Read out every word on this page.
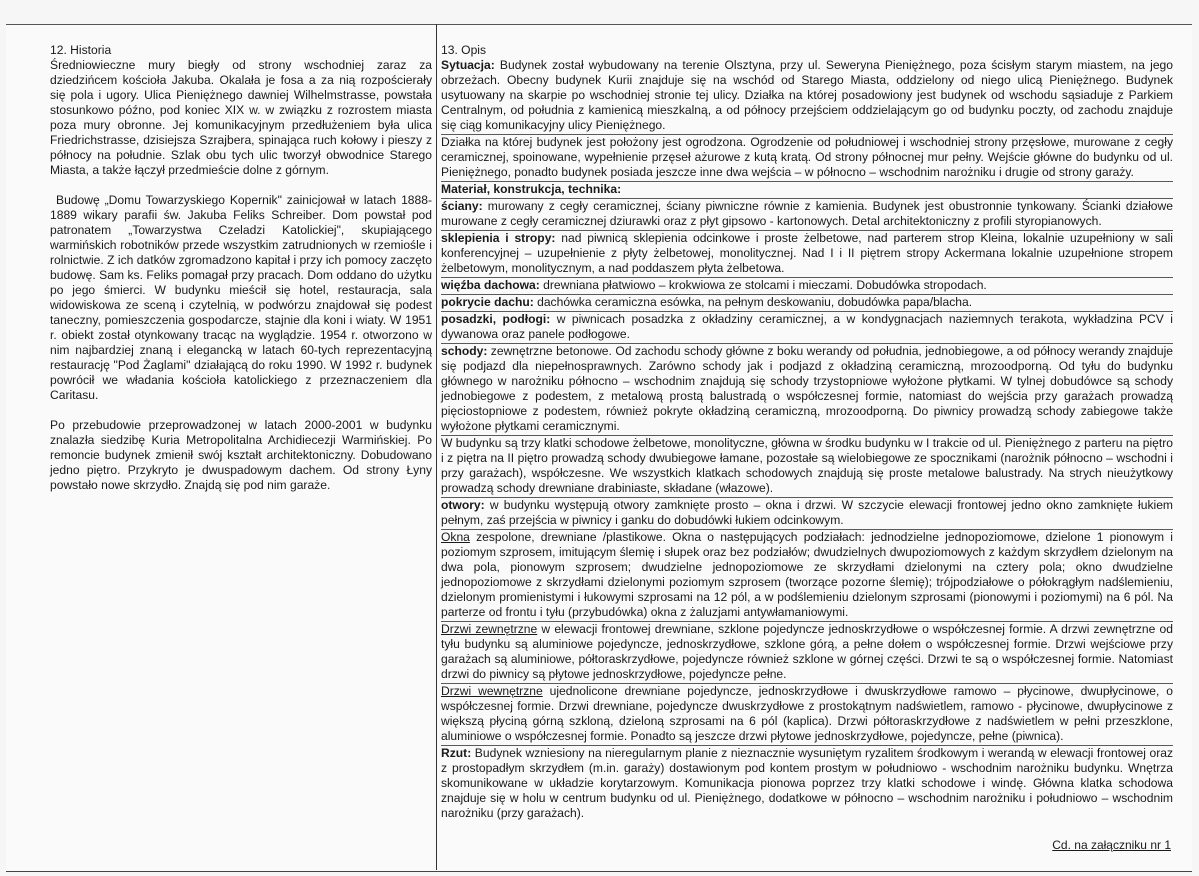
12. Historia

Średniowieczne mury biegły od strony wschodniej zaraz za dziedzińcem kościoła Jakuba. Okalała je fosa a za nią rozpościerały się pola i ugory. Ulica Pieniężnego dawniej Wilhelmstrasse, powstała stosunkowo późno, pod koniec XIX w. w związku z rozrostem miasta poza mury obronne. Jej komunikacyjnym przedłużeniem była ulica Friedrichstrasse, dzisiejsza Szrajbera, spinająca ruch kołowy i pieszy z północy na południe. Szlak obu tych ulic tworzył obwodnice Starego Miasta, a także łączył przedmieście dolne z górnym.

Budowę „Domu Towarzyskiego Kopernik" zainicjował w latach 1888-1889 wikary parafii św. Jakuba Feliks Schreiber. Dom powstał pod patronatem „Towarzystwa Czeladzi Katolickiej", skupiającego warmińskich robotników przede wszystkim zatrudnionych w rzemiośle i rolnictwie. Z ich datków zgromadzono kapitał i przy ich pomocy zaczęto budowę. Sam ks. Feliks pomagał przy pracach. Dom oddano do użytku po jego śmierci. W budynku mieścił się hotel, restauracja, sala widowiskowa ze sceną i czytelnią, w podwórzu znajdował się podest taneczny, pomieszczenia gospodarcze, stajnie dla koni i wiaty. W 1951 r. obiekt został otynkowany tracąc na wyglądzie. 1954 r. otworzono w nim najbardziej znaną i elegancką w latach 60-tych reprezentacyjną restaurację "Pod Żaglami" działającą do roku 1990. W 1992 r. budynek powrócił we władania kościoła katolickiego z przeznaczeniem dla Caritasu.

Po przebudowie przeprowadzonej w latach 2000-2001 w budynku znalazła siedzibę Kuria Metropolitalna Archidiecezji Warmińskiej. Po remoncie budynek zmienił swój kształt architektoniczny. Dobudowano jedno piętro. Przykryto je dwuspadowym dachem. Od strony Łyny powstało nowe skrzydło. Znajdą się pod nim garaże.

13. Opis

Sytuacja: Budynek został wybudowany na terenie Olsztyna, przy ul. Seweryna Pieniężnego, poza ścisłym starym miastem, na jego obrzeżach. Obecny budynek Kurii znajduje się na wschód od Starego Miasta, oddzielony od niego ulicą Pieniężnego. Budynek usytuowany na skarpie po wschodniej stronie tej ulicy. Działka na której posadowiony jest budynek od wschodu sąsiaduje z Parkiem Centralnym, od południa z kamienicą mieszkalną, a od północy przejściem oddzielającym go od budynku poczty, od zachodu znajduje się ciąg komunikacyjny ulicy Pieniężnego.

Działka na której budynek jest położony jest ogrodzona. Ogrodzenie od południowej i wschodniej strony przęsłowe, murowane z cegły ceramicznej, spoinowane, wypełnienie przęseł ażurowe z kutą kratą. Od strony północnej mur pełny. Wejście główne do budynku od ul. Pieniężnego, ponadto budynek posiada jeszcze inne dwa wejścia – w północno – wschodnim narożniku i drugie od strony garaży.

Materiał, konstrukcja, technika:

ściany: murowany z cegły ceramicznej, ściany piwniczne równie z kamienia. Budynek jest obustronnie tynkowany. Ścianki działowe murowane z cegły ceramicznej dziurawki oraz z płyt gipsowo - kartonowych. Detal architektoniczny z profili styropianowych.

sklepienia i stropy: nad piwnicą sklepienia odcinkowe i proste żelbetowe, nad parterem strop Kleina, lokalnie uzupełniony w sali konferencyjnej – uzupełnienie z płyty żelbetowej, monolitycznej. Nad I i II piętrem stropy Ackermana lokalnie uzupełnione stropem żelbetowym, monolitycznym, a nad poddaszem płyta żelbetowa.

więźba dachowa: drewniana płatwiowo – krokwiowa ze stolcami i mieczami. Dobudówka stropodach.

pokrycie dachu: dachówka ceramiczna esówka, na pełnym deskowaniu, dobudówka papa/blacha.

posadzki, podłogi: w piwnicach posadzka z okładziny ceramicznej, a w kondygnacjach naziemnych terakota, wykładzina PCV i dywanowa oraz panele podłogowe.

schody: zewnętrzne betonowe. Od zachodu schody główne z boku werandy od południa, jednobiegowe, a od północy werandy znajduje się podjazd dla niepełnosprawnych. Zarówno schody jak i podjazd z okładziną ceramiczną, mrozoodporną. Od tyłu do budynku głównego w narożniku północno – wschodnim znajdują się schody trzystopniowe wyłożone płytkami. W tylnej dobudówce są schody jednobiegowe z podestem, z metalową prostą balustradą o współczesnej formie, natomiast do wejścia przy garażach prowadzą pięciostopniowe z podestem, również pokryte okładziną ceramiczną, mrozoodporną. Do piwnicy prowadzą schody zabiegowe także wyłożone płytkami ceramicznymi.

W budynku są trzy klatki schodowe żelbetowe, monolityczne, główna w środku budynku w I trakcie od ul. Pieniężnego z parteru na piętro i z piętra na II piętro prowadzą schody dwubiegowe łamane, pozostałe są wielobiegowe ze spocznikami (narożnik północno – wschodni i przy garażach), współczesne. We wszystkich klatkach schodowych znajdują się proste metalowe balustrady. Na strych nieużytkowy prowadzą schody drewniane drabiniaste, składane (włazowe).

otwory: w budynku występują otwory zamknięte prosto – okna i drzwi. W szczycie elewacji frontowej jedno okno zamknięte łukiem pełnym, zaś przejścia w piwnicy i ganku do dobudówki łukiem odcinkowym.

Okna zespolone, drewniane /plastikowe. Okna o następujących podziałach: jednodzielne jednopoziomowe, dzielone 1 pionowym i poziomym szprosem, imitującym ślemię i słupek oraz bez podziałów; dwudzielnych dwupoziomowych z każdym skrzydłem dzielonym na dwa pola, pionowym szprosem; dwudzielne jednopoziomowe ze skrzydłami dzielonymi na cztery pola; okno dwudzielne jednopoziomowe z skrzydłami dzielonymi poziomym szprosem (tworzące pozorne ślemię); trójpodziałowe o półokrągłym nadślemieniu, dzielonym promienistymi i łukowymi szprosami na 12 pól, a w podślemieniu dzielonym szprosami (pionowymi i poziomymi) na 6 pól. Na parterze od frontu i tyłu (przybudówka) okna z żaluzjami antywłamaniowymi.

Drzwi zewnętrzne w elewacji frontowej drewniane, szklone pojedyncze jednoskrzydłowe o współczesnej formie. A drzwi zewnętrzne od tyłu budynku są aluminiowe pojedyncze, jednoskrzydłowe, szklone górą, a pełne dołem o współczesnej formie. Drzwi wejściowe przy garażach są aluminiowe, półtoraskrzydłowe, pojedyncze również szklone w górnej części. Drzwi te są o współczesnej formie. Natomiast drzwi do piwnicy są płytowe jednoskrzydłowe, pojedyncze pełne.

Drzwi wewnętrzne ujednolicone drewniane pojedyncze, jednoskrzydłowe i dwuskrzydłowe ramowo – płycinowe, dwupłycinowe, o współczesnej formie. Drzwi drewniane, pojedyncze dwuskrzydłowe z prostokątnym nadświetlem, ramowo - płycinowe, dwupłycinowe z większą płyciną górną szkloną, dzieloną szprosami na 6 pól (kaplica). Drzwi półtoraskrzydłowe z nadświetlem w pełni przeszklone, aluminiowe o współczesnej formie. Ponadto są jeszcze drzwi płytowe jednoskrzydłowe, pojedyncze, pełne (piwnica).

Rzut: Budynek wzniesiony na nieregularnym planie z nieznacznie wysuniętym ryzalitem środkowym i werandą w elewacji frontowej oraz z prostopadłym skrzydłem (m.in. garaży) dostawionym pod kontem prostym w południowo - wschodnim narożniku budynku. Wnętrza skomunikowane w układzie korytarzowym. Komunikacja pionowa poprzez trzy klatki schodowe i windę. Główna klatka schodowa znajduje się w holu w centrum budynku od ul. Pieniężnego, dodatkowe w północno – wschodnim narożniku i południowo – wschodnim narożniku (przy garażach).

Cd. na załączniku nr 1
